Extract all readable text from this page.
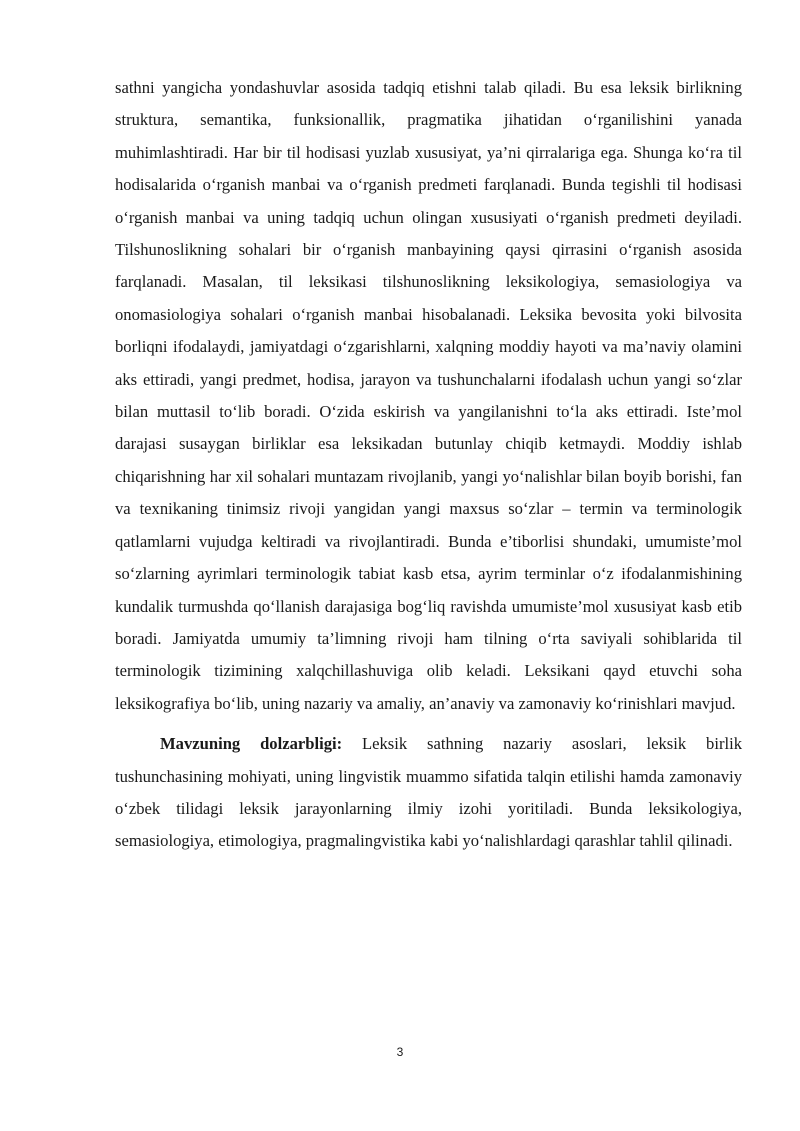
sathni yangicha yondashuvlar asosida tadqiq etishni talab qiladi. Bu esa leksik birlikning struktura, semantika, funksionallik, pragmatika jihatidan o‘rganilishini yanada muhimlashtiradi. Har bir til hodisasi yuzlab xususiyat, ya’ni qirralariga ega. Shunga ko‘ra til hodisalarida o‘rganish manbai va o‘rganish predmeti farqlanadi. Bunda tegishli til hodisasi o‘rganish manbai va uning tadqiq uchun olingan xususiyati o‘rganish predmeti deyiladi. Tilshunoslikning sohalari bir o‘rganish manbayining qaysi qirrasini o‘rganish asosida farqlanadi. Masalan, til leksikasi tilshunoslikning leksikologiya, semasiologiya va onomasiologiya sohalari o‘rganish manbai hisobalanadi. Leksika bevosita yoki bilvosita borliqni ifodalaydi, jamiyatdagi o‘zgarishlarni, xalqning moddiy hayoti va ma’naviy olamini aks ettiradi, yangi predmet, hodisa, jarayon va tushunchalarni ifodalash uchun yangi so‘zlar bilan muttasil to‘lib boradi. O‘zida eskirish va yangilanishni to‘la aks ettiradi. Iste’mol darajasi susaygan birliklar esa leksikadan butunlay chiqib ketmaydi. Moddiy ishlab chiqarishning har xil sohalari muntazam rivojlanib, yangi yo‘nalishlar bilan boyib borishi, fan va texnikaning tinimsiz rivoji yangidan yangi maxsus so‘zlar – termin va terminologik qatlamlarni vujudga keltiradi va rivojlantiradi. Bunda e’tiborlisi shundaki, umumiste’mol so‘zlarning ayrimlari terminologik tabiat kasb etsa, ayrim terminlar o‘z ifodalanmishining kundalik turmushda qo‘llanish darajasiga bog‘liq ravishda umumiste’mol xususiyat kasb etib boradi. Jamiyatda umumiy ta’limning rivoji ham tilning o‘rta saviyali sohiblarida til terminologik tizimining xalqchillashuviga olib keladi. Leksikani qayd etuvchi soha leksikografiya bo‘lib, uning nazariy va amaliy, an’anaviy va zamonaviy ko‘rinishlari mavjud.

Mavzuning dolzarbligi: Leksik sathning nazariy asoslari, leksik birlik tushunchasining mohiyati, uning lingvistik muammo sifatida talqin etilishi hamda zamonaviy o‘zbek tilidagi leksik jarayonlarning ilmiy izohi yoritiladi. Bunda leksikologiya, semasiologiya, etimologiya, pragmalingvistika kabi yo‘nalishlardagi qarashlar tahlil qilinadi.

3
